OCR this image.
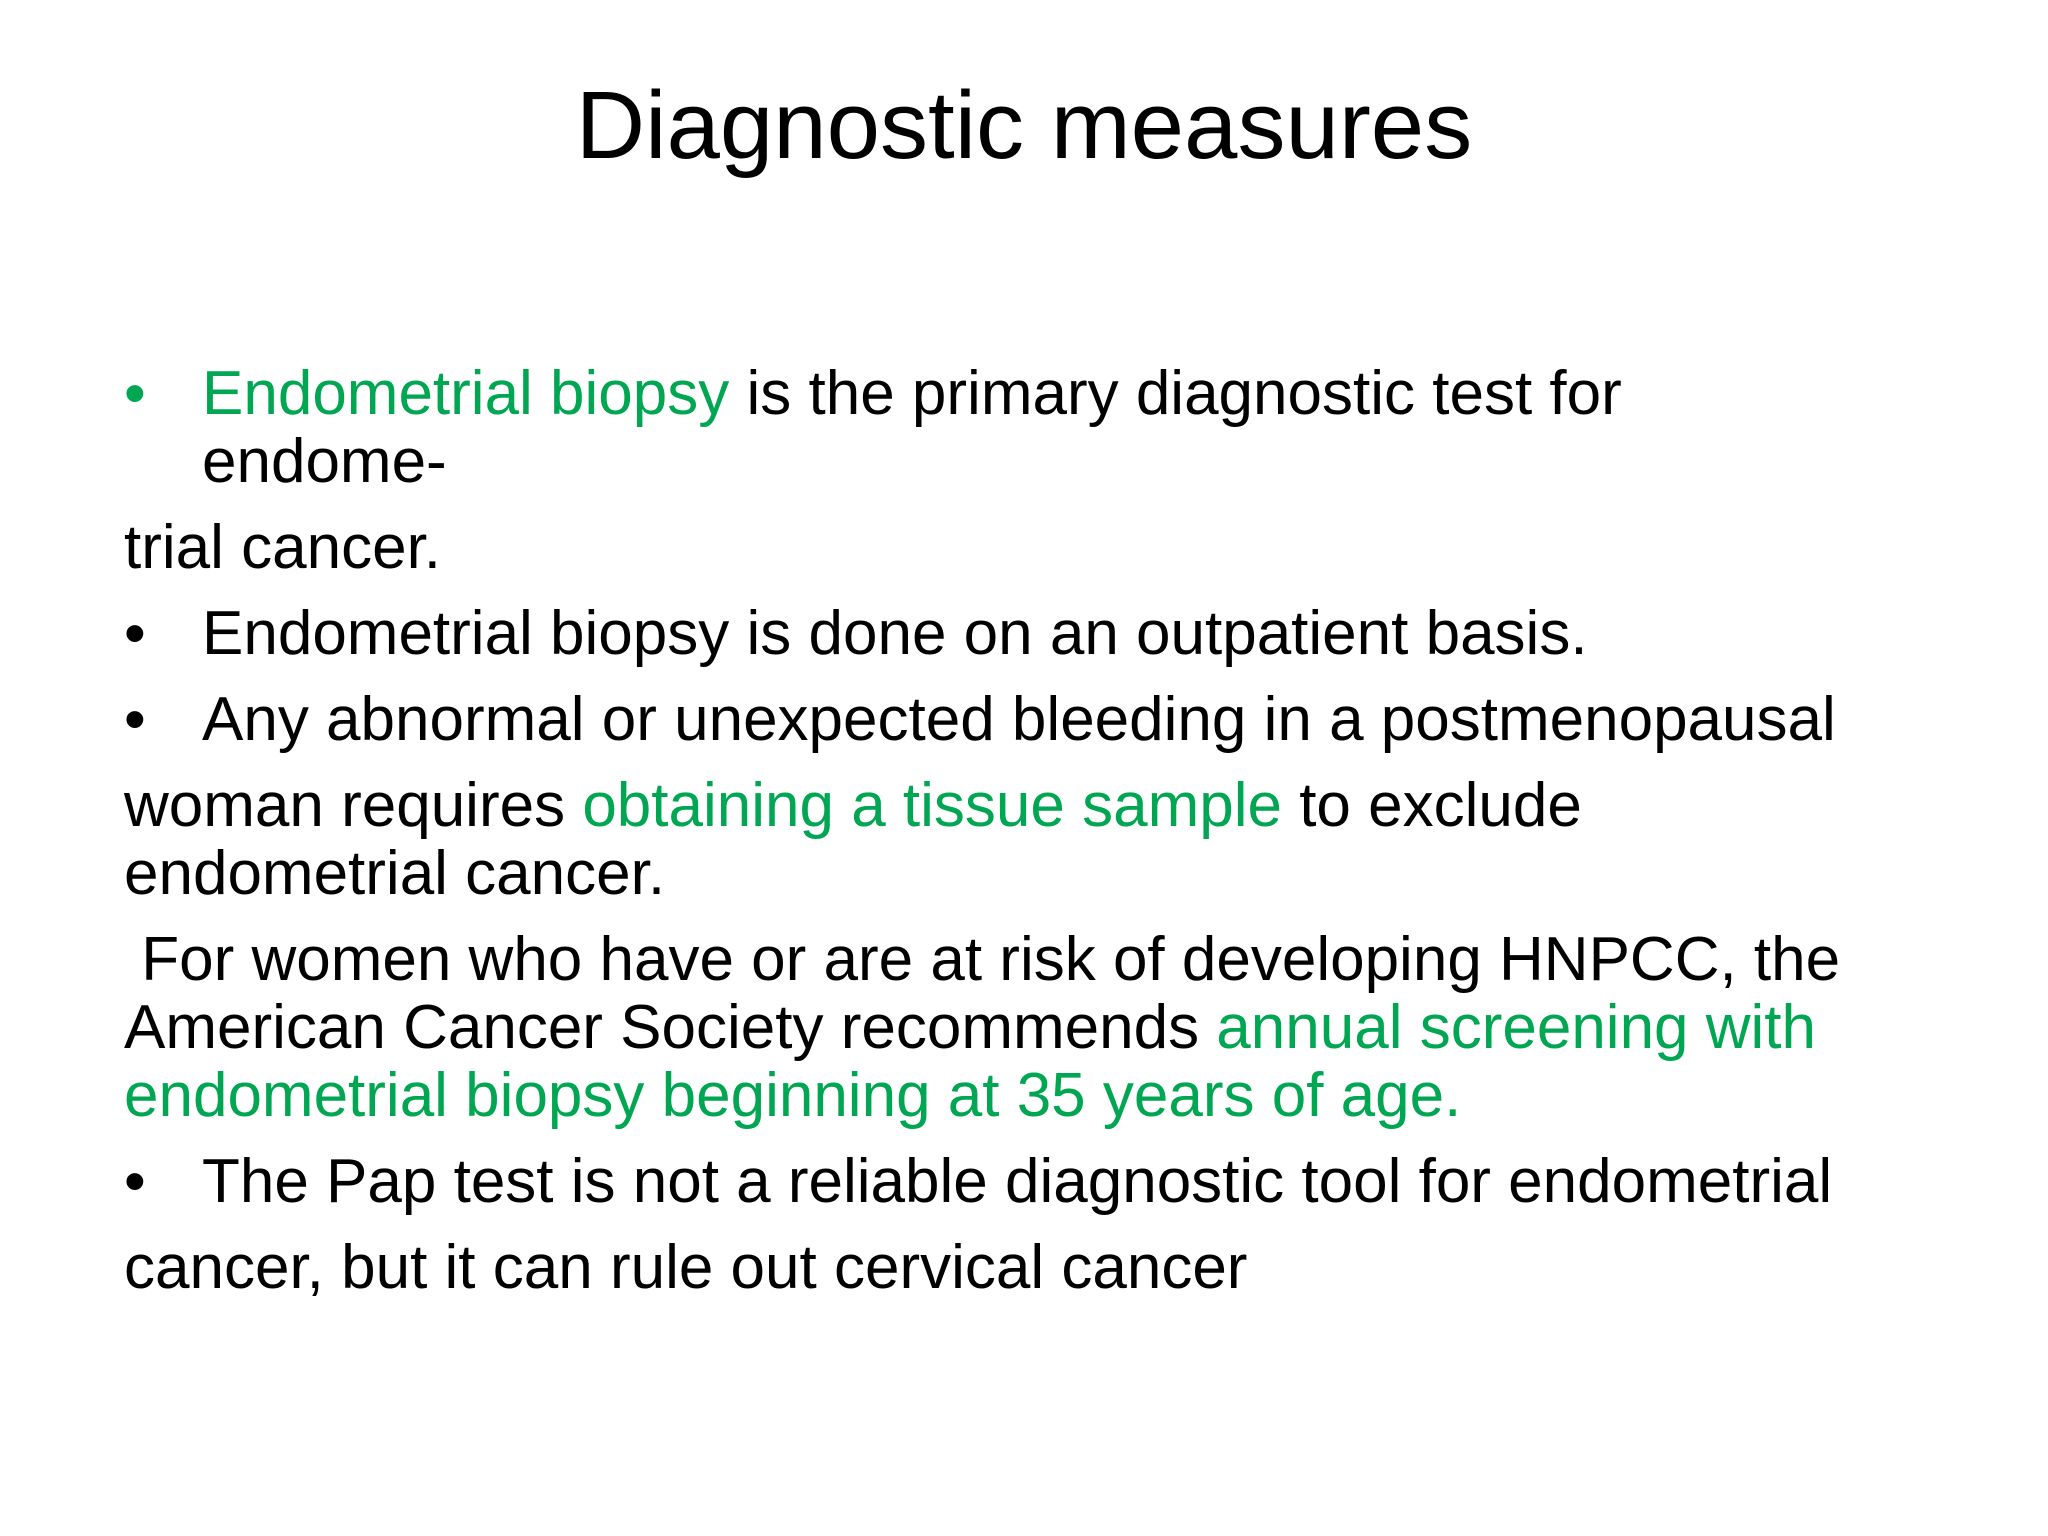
Diagnostic measures
• Endometrial biopsy is the primary diagnostic test for
endome-
trial cancer.
• Endometrial biopsy is done on an outpatient basis.
• Any abnormal or unexpected bleeding in a postmenopausal
woman requires obtaining a tissue sample to exclude
endometrial cancer.
For women who have or are at risk of developing HNPCC, the
American Cancer Society recommends annual screening with
endometrial biopsy beginning at 35 years of age.
• The Pap test is not a reliable diagnostic tool for endometrial
cancer, but it can rule out cervical cancer
